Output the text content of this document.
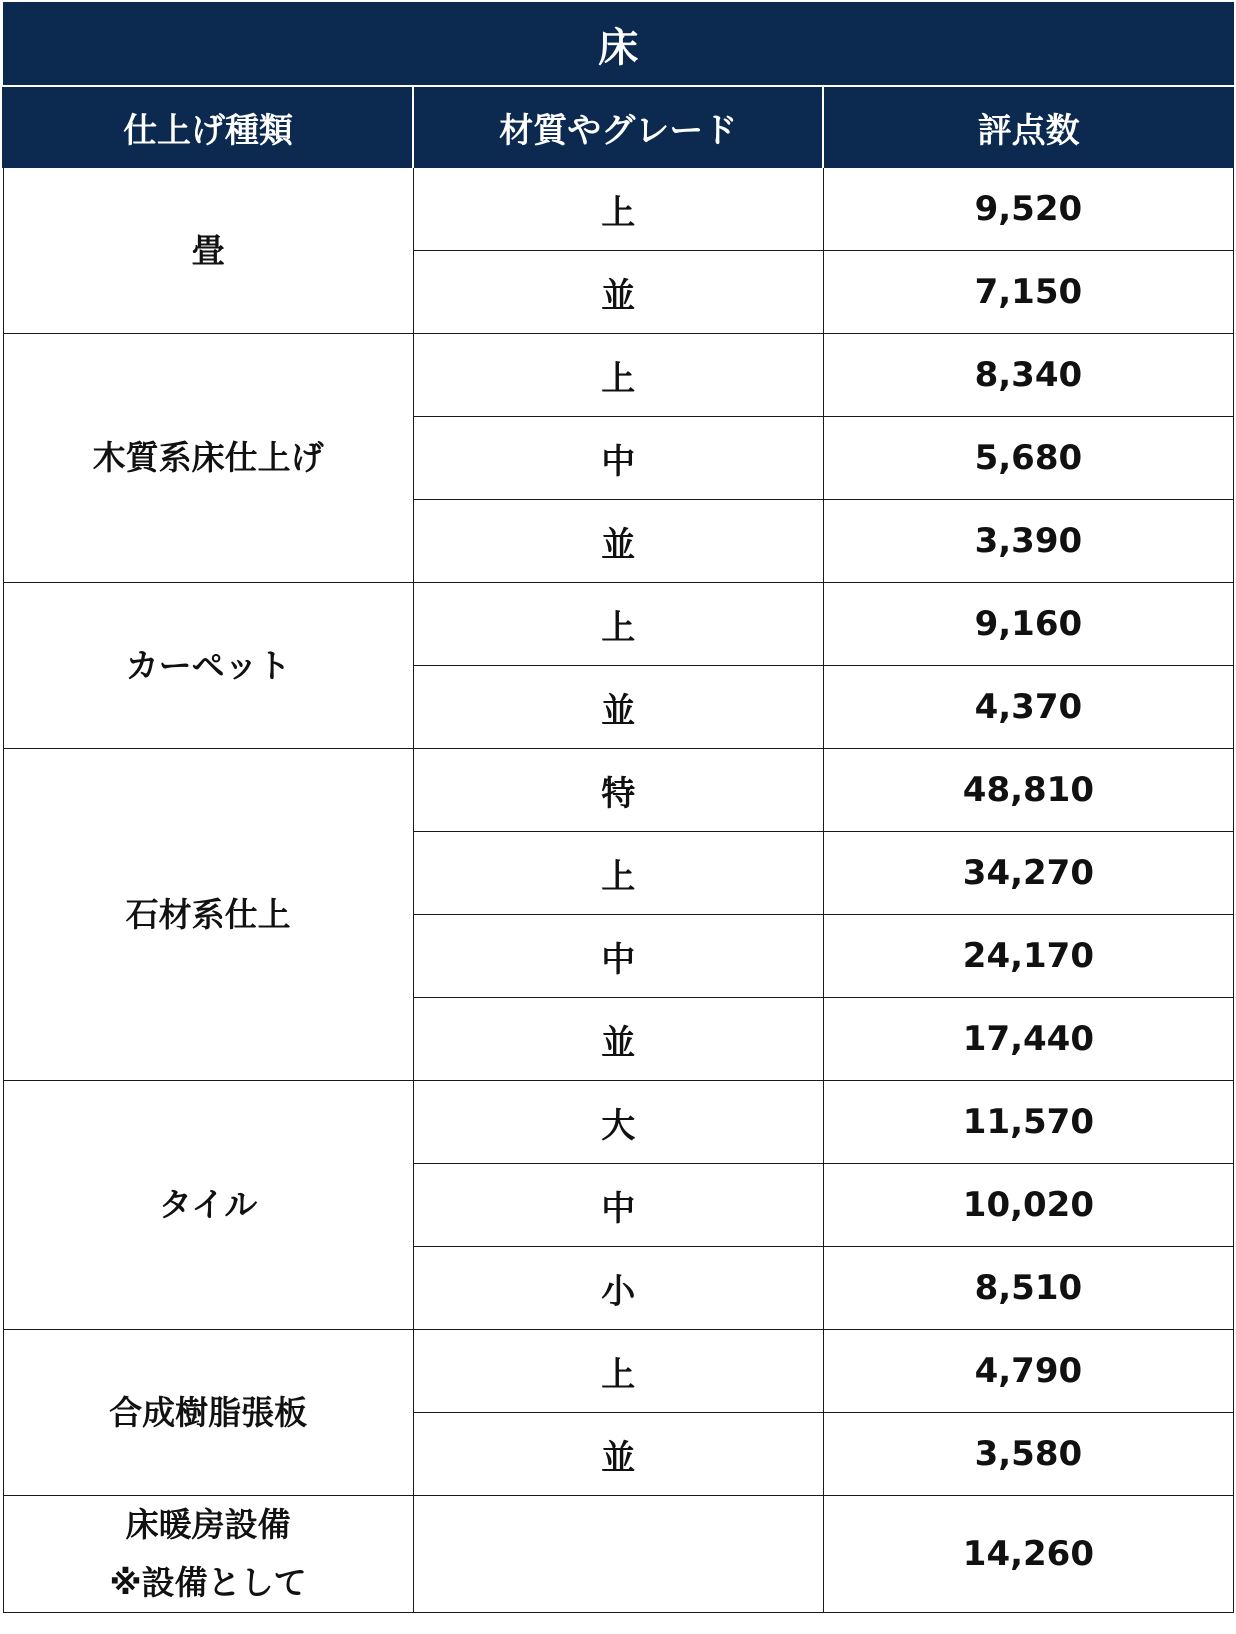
床		
仕上げ種類	材質やグレード	評点数
畳	上	9,520
	並	7,150
木質系床仕上げ	上	8,340
	中	5,680
	並	3,390
カーペット	上	9,160
	並	4,370
石材系仕上	特	48,810
	上	34,270
	中	24,170
	並	17,440
タイル	大	11,570
	中	10,020
	小	8,510
合成樹脂張板	上	4,790
	並	3,580

床暖房設備
※設備として		14,260
